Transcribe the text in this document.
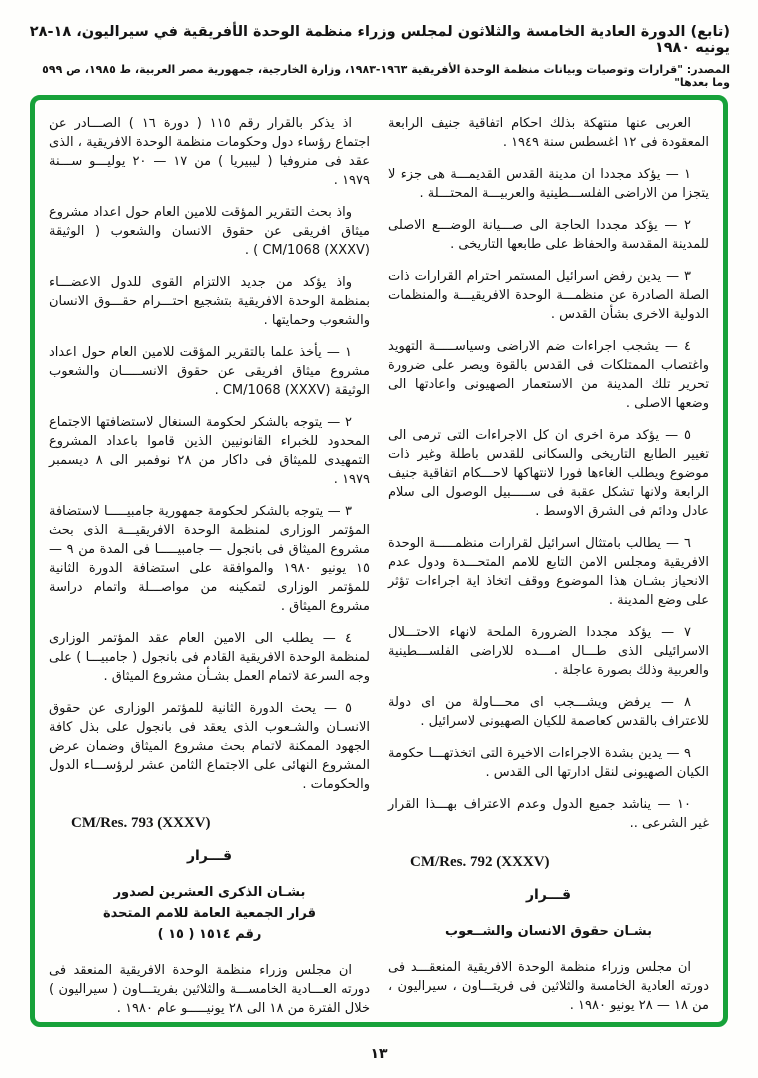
(تابع) الدورة العادية الخامسة والثلاثون لمجلس وزراء منظمة الوحدة الأفريقية في سيراليون، ١٨-٢٨ يونيه ١٩٨٠
المصدر: "قرارات وتوصيات وبيانات منظمة الوحدة الأفريقية ١٩٦٣-١٩٨٣، وزارة الخارجية، جمهورية مصر العربية، ط ١٩٨٥، ص ٥٩٩ وما بعدها"

العربى عنها منتهكة بذلك احكام اتفاقية جنيف الرابعة المعقودة فى ١٢ اغسطس سنة ١٩٤٩ .

١ — يؤكد مجددا ان مدينة القدس القديمـــة هى جزء لا يتجزا من الاراضى الفلســـطينية والعربيـــة المحتـــلة .

٢ — يؤكد مجددا الحاجة الى صـــيانة الوضـــع الاصلى للمدينة المقدسة والحفاظ على طابعها التاريخى .

٣ — يدين رفض اسرائيل المستمر احترام القرارات ذات الصلة الصادرة عن منظمـــة الوحدة الافريقيـــة والمنظمات الدولية الاخرى بشأن القدس .

٤ — يشجب اجراءات ضم الاراضى وسياســـــة التهويد واغتصاب الممتلكات فى القدس بالقوة ويصر على ضرورة تحرير تلك المدينة من الاستعمار الصهيونى واعادتها الى وضعها الاصلى .

٥ — يؤكد مرة اخرى ان كل الاجراءات التى ترمى الى تغيير الطابع التاريخى والسكانى للقدس باطلة وغير ذات موضوع ويطلب الغاءها فورا لانتهاكها لاحـــكام اتفاقية جنيف الرابعة ولانها تشكل عقبة فى ســـــبيل الوصول الى سلام عادل ودائم فى الشرق الاوسط .

٦ — يطالب بامتثال اسرائيل لقرارات منظمـــــة الوحدة الافريقية ومجلس الامن التابع للامم المتحـــدة ودول عدم الانحياز بشـان هذا الموضوع ووقف اتخاذ اية اجراءات تؤثر على وضع المدينة .

٧ — يؤكد مجددا الضرورة الملحة لانهاء الاحتـــلال الاسرائيلى الذى طـــال امـــده للاراضى الفلســـطينية والعربية وذلك بصورة عاجلة .

٨ — يرفض ويشـــجب اى محـــاولة من اى دولة للاعتراف بالقدس كعاصمة للكيان الصهيونى لاسرائيل .

٩ — يدين بشدة الاجراءات الاخيرة التى اتخذتهـــا حكومة الكيان الصهيونى لنقل ادارتها الى القدس .

١٠ — يناشد جميع الدول وعدم الاعتراف بهـــذا القرار غير الشرعى ..

CM/Res. 792 (XXXV)
قـــرار
بشـان حقوق الانسان والشــعوب

ان مجلس وزراء منظمة الوحدة الافريقية المنعقـــد فى دورته العادية الخامسة والثلاثين فى فريتـــاون ، سيراليون ، من ١٨ — ٢٨ يونيو ١٩٨٠ .

اذ يذكر بالقرار رقم ١١٥ ( دورة ١٦ ) الصـــادر عن اجتماع رؤساء دول وحكومات منظمة الوحدة الافريقية ، الذى عقد فى منروفيا ( ليبيريا ) من ١٧ — ٢٠ يوليـــو ســـنة ١٩٧٩ .

واذ بحث التقرير المؤقت للامين العام حول اعداد مشروع ميثاق افريقى عن حقوق الانسان والشعوب ( الوثيقة CM/1068 (XXXV) ) .

واذ يؤكد من جديد الالتزام القوى للدول الاعضـــاء بمنظمة الوحدة الافريقية بتشجيع احتـــرام حقـــوق الانسان والشعوب وحمايتها .

١ — يأخذ علما بالتقرير المؤقت للامين العام حول اعداد مشروع ميثاق افريقى عن حقوق الانســـــان والشعوب الوثيقة CM/1068 (XXXV) .

٢ — يتوجه بالشكر لحكومة السنغال لاستضافتها الاجتماع المحدود للخبراء القانونيين الذين قاموا باعداد المشروع التمهيدى للميثاق فى داكار من ٢٨ نوفمبر الى ٨ ديسمبر ١٩٧٩ .

٣ — يتوجه بالشكر لحكومة جمهورية جامبيـــــا لاستضافة المؤتمر الوزارى لمنظمة الوحدة الافريقيـــة الذى بحث مشروع الميثاق فى بانجول — جامبيـــــا فى المدة من ٩ — ١٥ يونيو ١٩٨٠ والموافقة على استضافة الدورة الثانية للمؤتمر الوزارى لتمكينه من مواصـــلة واتمام دراسة مشروع الميثاق .

٤ — يطلب الى الامين العام عقد المؤتمر الوزارى لمنظمة الوحدة الافريقية القادم فى بانجول ( جامبيـــا ) على وجه السرعة لاتمام العمل بشـأن مشروع الميثاق .

٥ — يحث الدورة الثانية للمؤتمر الوزارى عن حقوق الانسـان والشـعوب الذى يعقد فى بانجول على بذل كافة الجهود الممكنة لاتمام بحث مشروع الميثاق وضمان عرض المشروع النهائى على الاجتماع الثامن عشر لرؤســـاء الدول والحكومات .

CM/Res. 793 (XXXV)
قـــرار
بشـان الذكرى العشرين لصدور
قرار الجمعية العامة للامم المتحدة
رقم ١٥١٤ ( ١٥ )

ان مجلس وزراء منظمة الوحدة الافريقية المنعقد فى دورته العـــادية الخامســـة والثلاثين بفريتـــاون ( سيراليون ) خلال الفترة من ١٨ الى ٢٨ يونيـــــو عام ١٩٨٠ .

١٣
